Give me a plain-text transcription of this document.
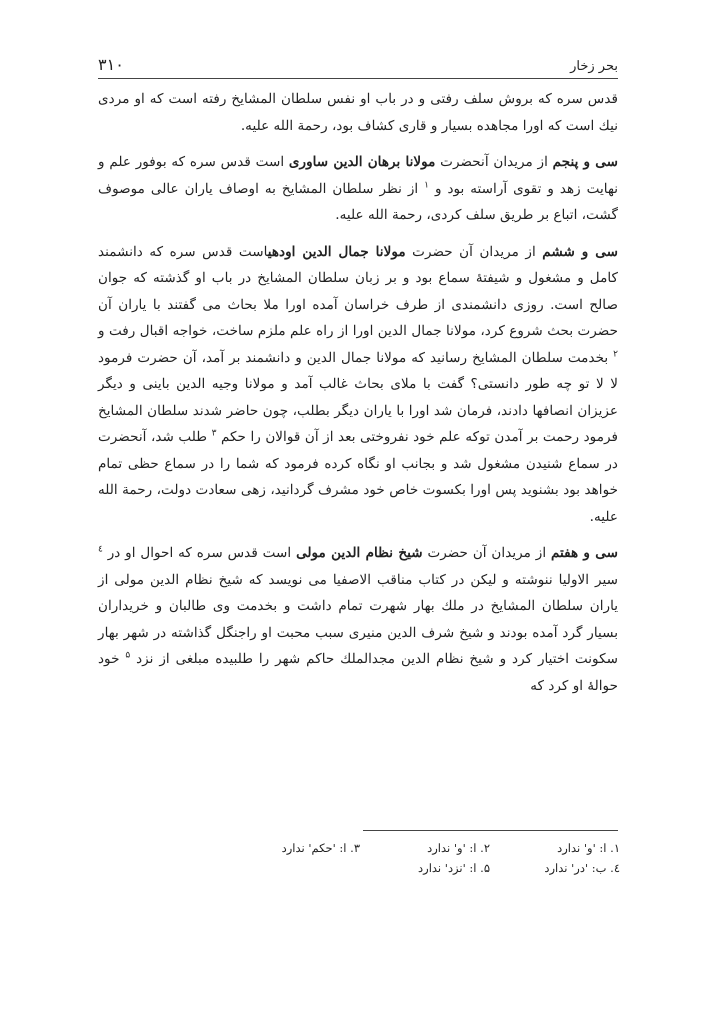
۳۱۰	بحر زخار

قدس سره که بروش سلف رفتی و در باب او نفس سلطان المشایخ رفته است که او مردی نیك است که اورا مجاهده بسیار و قاری کشاف بود، رحمة الله علیه.

سی و پنجم از مریدان آنحضرت مولانا برهان الدین ساوری است قدس سره که بوفور علم و نهایت زهد و تقوی آراسته بود و $^۱$ از نظر سلطان المشایخ به اوصاف یاران عالی موصوف گشت، اتباع بر طریق سلف کردی، رحمة الله علیه.

سی و ششم از مریدان آن حضرت مولانا جمال الدین اودهیاست قدس سره که دانشمند کامل و مشغول و شیفتهٔ سماع بود و بر زبان سلطان المشایخ در باب او گذشته که جوان صالح است. روزی دانشمندی از طرف خراسان آمده اورا ملا بحاث می گفتند با یاران آن حضرت بحث شروع کرد، مولانا جمال الدین اورا از راه علم ملزم ساخت، خواجه اقبال رفت و $^۲$ بخدمت سلطان المشایخ رسانید که مولانا جمال الدین و دانشمند بر آمد، آن حضرت فرمود لا لا تو چه طور دانستی؟ گفت با ملای بحاث غالب آمد و مولانا وجیه الدین باینی و دیگر عزیزان انصافها دادند، فرمان شد اورا با یاران دیگر بطلب، چون حاضر شدند سلطان المشایخ فرمود رحمت بر آمدن توکه علم خود نفروختی بعد از آن قوالان را حکم $^۳$ طلب شد، آنحضرت در سماع شنیدن مشغول شد و بجانب او نگاه کرده فرمود که شما را در سماع حظی تمام خواهد بود بشنوید پس اورا بکسوت خاص خود مشرف گردانید، زهی سعادت دولت، رحمة الله علیه.

سی و هفتم از مریدان آن حضرت شیخ نظام الدین مولی است قدس سره که احوال او در $^٤$ سیر الاولیا ننوشته و لیکن در کتاب مناقب الاصفیا می نویسد که شیخ نظام الدین مولی از یاران سلطان المشایخ در ملك بهار شهرت تمام داشت و بخدمت وی طالبان و خریداران بسیار گرد آمده بودند و شیخ شرف الدین منیری سبب محبت او راجنگل گذاشته در شهر بهار سکونت اختیار کرد و شیخ نظام الدین مجدالملك حاکم شهر را طلبیده مبلغی از نزد $^۵$ خود حوالهٔ او کرد که

۱. ا: 'و' ندارد
۲. ا: 'و' ندارد
۳. ا: 'حکم' ندارد
٤. ب: 'در' ندارد
۵. ا: 'نزد' ندارد
